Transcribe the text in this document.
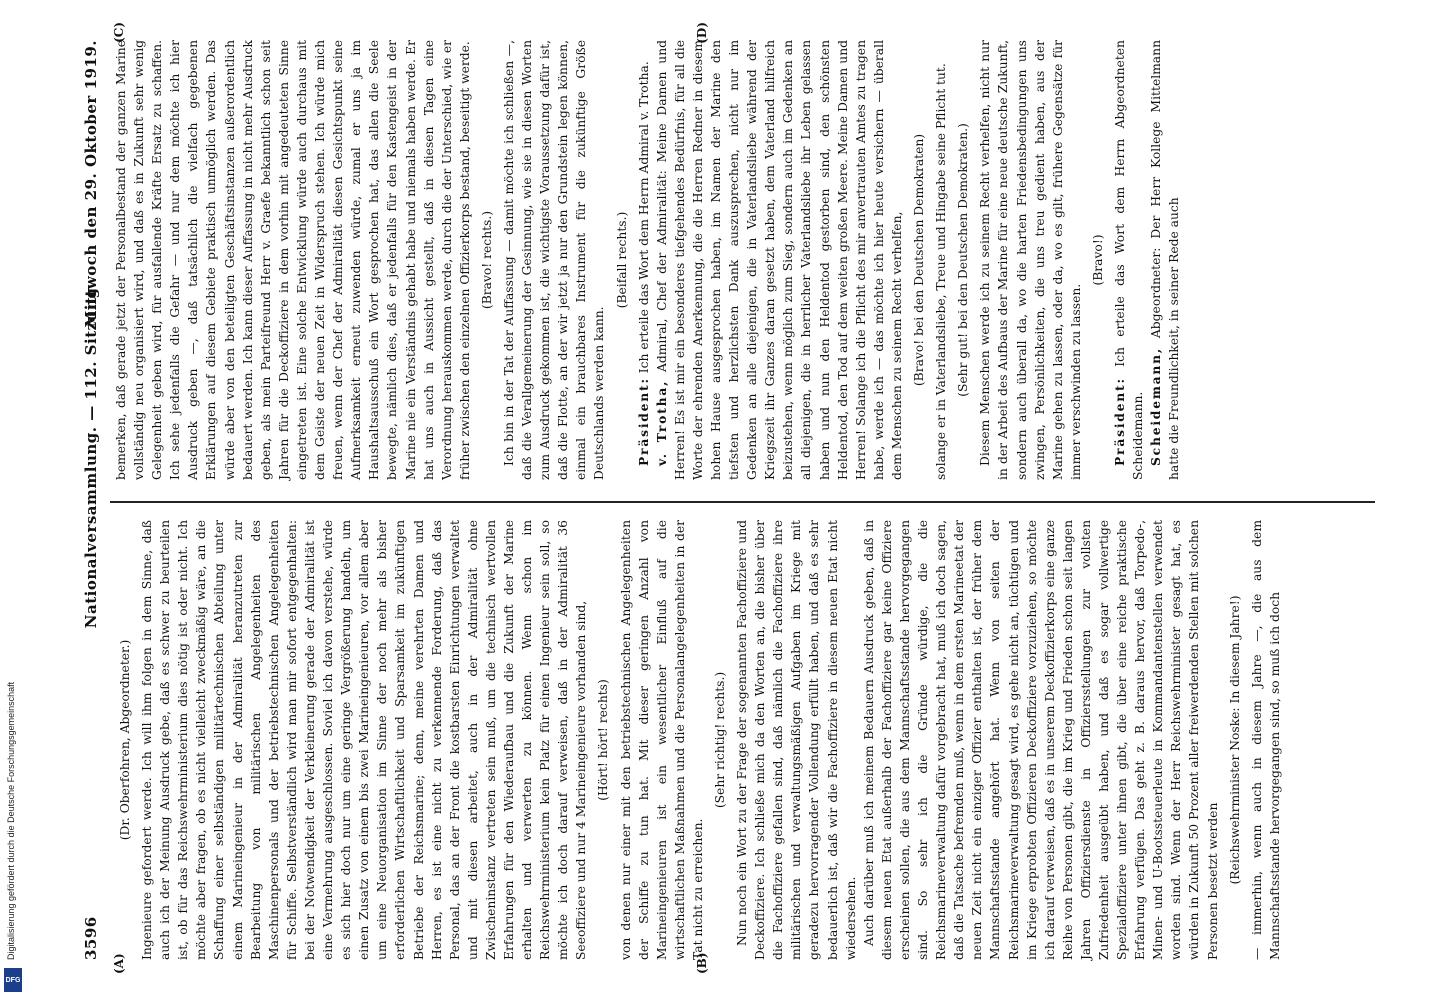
3596
Nationalversammlung. — 112. Sitzung.
Mittwoch den 29. Oktober 1919.
(A)	(B)
(C)	(D)

(Dr. Oberfohren, Abgeordneter.) Ingenieure gefordert werde. Ich will ihm folgen in dem Sinne, daß auch ich der Meinung Ausdruck gebe, daß es schwer zu beurteilen ist, ob für das Reichswehrministerium dies nötig ist oder nicht. Ich möchte aber fragen, ob es nicht vielleicht zweckmäßig wäre, an die Schaffung einer selbständigen militärtechnischen Abteilung unter einem Marineingenieur in der Admiralität heranzutreten zur Bearbeitung von militärischen Angelegenheiten des Maschinenpersonals und der betriebstechnischen Angelegenheiten für Schiffe. Selbstverständlich wird man mir sofort entgegenhalten: bei der Notwendigkeit der Verkleinerung gerade der Admiralität ist eine Vermehrung ausgeschlossen. Soviel ich davon verstehe, würde es sich hier doch nur um eine geringe Vergrößerung handeln, um einen Zusatz von einem bis zwei Marineingenieuren, vor allem aber um eine Neuorganisation im Sinne der noch mehr als bisher erforderlichen Wirtschaftlichkeit und Sparsamkeit im zukünftigen Betriebe der Reichsmarine; denn, meine verehrten Damen und Herren, es ist eine nicht zu verkennende Forderung, daß das Personal, das an der Front die kostbarsten Einrichtungen verwaltet und mit diesen arbeitet, auch in der Admiralität ohne Zwischeninstanz vertreten sein muß, um die technisch wertvollen Erfahrungen für den Wiederaufbau und die Zukunft der Marine erhalten und verwerten zu können. Wenn schon im Reichswehrministerium kein Platz für einen Ingenieur sein soll, so möchte ich doch darauf verweisen, daß in der Admiralität 36 Seeoffiziere und nur 4 Marineingenieure vorhanden sind, (Hört! hört! rechts) von denen nur einer mit den betriebstechnischen Angelegenheiten der Schiffe zu tun hat. Mit dieser geringen Anzahl von Marineingenieuren ist ein wesentlicher Einfluß auf die wirtschaftlichen Maßnahmen und die Personalangelegenheiten in der Tat nicht zu erreichen.

(Sehr richtig! rechts.) Nun noch ein Wort zu der Frage der sogenannten Fachoffiziere und Deckoffiziere. Ich schließe mich da den Worten an, die bisher über die Fachoffiziere gefallen sind, daß nämlich die Fachoffiziere ihre militärischen und verwaltungsmäßigen Aufgaben im Kriege mit geradezu hervorragender Vollendung erfüllt haben, und daß es sehr bedauerlich ist, daß wir die Fachoffiziere in diesem neuen Etat nicht wiedersehen. Auch darüber muß ich meinem Bedauern Ausdruck geben, daß in diesem neuen Etat außerhalb der Fachoffiziere gar keine Offiziere erscheinen sollen, die aus dem Mannschaftsstande hervorgegangen sind. So sehr ich die Gründe würdige, die die Reichsmarineverwaltung dafür vorgebracht hat, muß ich doch sagen, daß die Tatsache befremden muß, wenn in dem ersten Marineetat der neuen Zeit nicht ein einziger Offizier enthalten ist, der früher dem Mannschaftsstande angehört hat. Wenn von seiten der Reichsmarineverwaltung gesagt wird, es gehe nicht an, tüchtigen und im Kriege erprobten Offizieren Deckoffiziere vorzuziehen, so möchte ich darauf verweisen, daß es in unserem Deckoffizierkorps eine ganze Reihe von Personen gibt, die im Krieg und Frieden schon seit langen Jahren Offiziersdienste in Offiziersstellungen zur vollsten Zufriedenheit ausgeübt haben, und daß es sogar vollwertige Spezialoffiziere unter ihnen gibt, die über eine reiche praktische Erfahrung verfügen. Das geht z. B. daraus hervor, daß Torpedo-, Minen- und U-Bootssteuerleute in Kommandantenstellen verwendet worden sind. Wenn der Herr Reichswehrminister gesagt hat, es würden in Zukunft 50 Prozent aller freiwerdenden Stellen mit solchen Personen besetzt werden (Reichswehrminister Noske: In diesem Jahre!) — immerhin, wenn auch in diesem Jahre —, die aus dem Mannschaftsstande hervorgegangen sind, so muß ich doch

bemerken, daß gerade jetzt der Personalbestand der ganzen Marine vollständig neu organisiert wird, und daß es in Zukunft sehr wenig Gelegenheit geben wird, für ausfallende Kräfte Ersatz zu schaffen. Ich sehe jedenfalls die Gefahr — und nur dem möchte ich hier Ausdruck geben —, daß tatsächlich die vielfach gegebenen Erklärungen auf diesem Gebiete praktisch unmöglich werden. Das würde aber von den beteiligten Geschäftsinstanzen außerordentlich bedauert werden. Ich kann dieser Auffassung in nicht mehr Ausdruck geben, als mein Parteifreund Herr v. Graefe bekanntlich schon seit Jahren für die Deckoffiziere in dem vorhin mit angedeuteten Sinne eingetreten ist. Eine solche Entwicklung würde auch durchaus mit dem Geiste der neuen Zeit in Widerspruch stehen. Ich würde mich freuen, wenn der Chef der Admiralität diesen Gesichtspunkt seine Aufmerksamkeit erneut zuwenden würde, zumal er uns ja im Haushaltsausschuß ein Wort gesprochen hat, das allen die Seele bewegte, nämlich dies, daß er jedenfalls für den Kastengeist in der Marine nie ein Verständnis gehabt habe und niemals haben werde. Er hat uns auch in Aussicht gestellt, daß in diesen Tagen eine Verordnung herauskommen werde, durch die der Unterschied, wie er früher zwischen den einzelnen Offizierkorps bestand, beseitigt werde. (Bravo! rechts.) Ich bin in der Tat der Auffassung — damit möchte ich schließen —, daß die Verallgemeinerung der Gesinnung, wie sie in diesen Worten zum Ausdruck gekommen ist, die wichtigste Voraussetzung dafür ist, daß die Flotte, an der wir jetzt ja nur den Grundstein legen können, einmal ein brauchbares Instrument für die zukünftige Größe Deutschlands werden kann.

(Beifall rechts.)

Präsident: Ich erteile das Wort dem Herrn Admiral v. Trotha.

v. Trotha, Admiral, Chef der Admiralität: Meine Damen und Herren! Es ist mir ein besonderes tiefgehendes Bedürfnis, für all die Worte der ehrenden Anerkennung, die die Herren Redner in diesem hohen Hause ausgesprochen haben, im Namen der Marine den tiefsten und herzlichsten Dank auszusprechen, nicht nur im Gedenken an alle diejenigen, die in Vaterlandsliebe während der Kriegszeit ihr Ganzes daran gesetzt haben, dem Vaterland hilfreich beizustehen, wenn möglich zum Sieg, sondern auch im Gedenken an all diejenigen, die in herrlicher Vaterlandsliebe ihr Leben gelassen haben und nun den Heldentod gestorben sind, den schönsten Heldentod, den Tod auf dem weiten großen Meere. Meine Damen und Herren! Solange ich die Pflicht des mir anvertrauten Amtes zu tragen habe, werde ich — das möchte ich hier heute versichern — überall dem Menschen zu seinem Recht verhelfen, (Bravo! bei den Deutschen Demokraten) solange er in Vaterlandsliebe, Treue und Hingabe seine Pflicht tut. (Sehr gut! bei den Deutschen Demokraten.) Diesem Menschen werde ich zu seinem Recht verhelfen, nicht nur in der Arbeit des Aufbaus der Marine für eine neue deutsche Zukunft, sondern auch überall da, wo die harten Friedensbedingungen uns zwingen, Persönlichkeiten, die uns treu gedient haben, aus der Marine gehen zu lassen, oder da, wo es gilt, frühere Gegensätze für immer verschwinden zu lassen.

(Bravo!)

Präsident: Ich erteile das Wort dem Herrn Abgeordneten Scheidemann. Scheidemann, Abgeordneter: Der Herr Kollege Mittelmann hatte die Freundlichkeit, in seiner Rede auch

Digitalisierung gefördert durch die Deutsche Forschungsgemeinschaft
DFG
